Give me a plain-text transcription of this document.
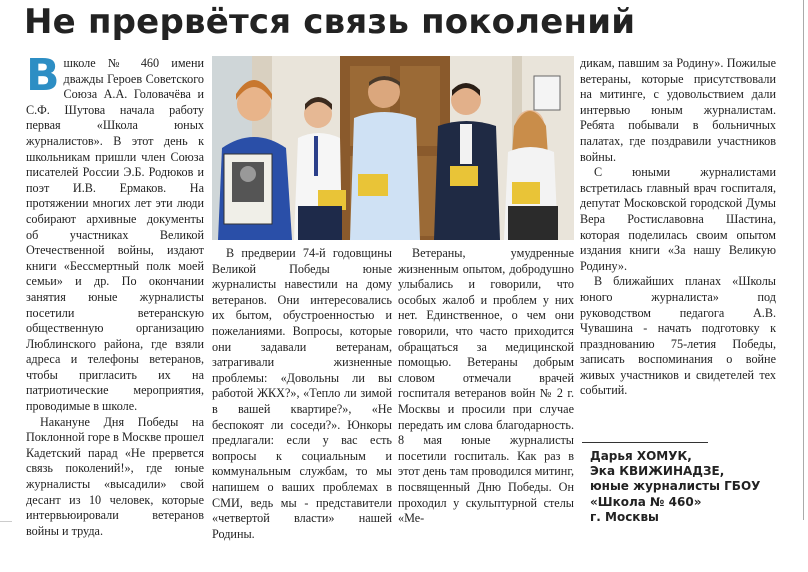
Не прервётся связь поколений

Вшколе № 460 имени дважды Героев Советского Союза А.А. Головачёва и С.Ф. Шутова начала работу первая «Школа юных журналистов». В этот день к школьникам пришли член Союза писателей России Э.Б. Родюков и поэт И.В. Ермаков. На протяжении многих лет эти люди собирают архивные документы об участниках Великой Отечественной войны, издают книги «Бессмертный полк моей семьи» и др. По окончании занятия юные журналисты посетили ветеранскую общественную организацию Люблинского района, где взяли адреса и телефоны ветеранов, чтобы пригласить их на патриотические мероприятия, проводимые в школе.

Накануне Дня Победы на Поклонной горе в Москве прошел Кадетский парад «Не прервется связь поколений!», где юные журналисты «высадили» свой десант из 10 человек, которые интервьюировали ветеранов войны и труда.

В предверии 74-й годовщины Великой Победы юные журналисты навестили на дому ветеранов. Они интересовались их бытом, обустроенностью и пожеланиями. Вопросы, которые они задавали ветеранам, затрагивали жизненные проблемы: «Довольны ли вы работой ЖКХ?», «Тепло ли зимой в вашей квартире?», «Не беспокоят ли соседи?». Юнкоры предлагали: если у вас есть вопросы к социальным и коммунальным службам, то мы напишем о ваших проблемах в СМИ, ведь мы - представители «четвертой власти» нашей Родины.

Ветераны, умудренные жизненным опытом, добродушно улыбались и говорили, что особых жалоб и проблем у них нет. Единственное, о чем они говорили, что часто приходится обращаться за медицинской помощью. Ветераны добрым словом отмечали врачей госпиталя ветеранов войн № 2 г. Москвы и просили при случае передать им слова благодарность. 8 мая юные журналисты посетили госпиталь. Как раз в этот день там проводился митинг, посвященный Дню Победы. Он проходил у скульптурной стелы «Ме-

дикам, павшим за Родину». Пожилые ветераны, которые присутствовали на митинге, с удовольствием дали интервью юным журналистам. Ребята побывали в больничных палатах, где поздравили участников войны.

С юными журналистами встретилась главный врач госпиталя, депутат Московской городской Думы Вера Ростиславовна Шастина, которая поделилась своим опытом издания книги «За нашу Великую Родину».

В ближайших планах «Школы юного журналиста» под руководством педагога А.В. Чувашина - начать подготовку к празднованию 75-летия Победы, записать воспоминания о войне живых участников и свидетелей тех событий.

Дарья ХОМУК,
Эка КВИЖИНАДЗЕ,
юные журналисты ГБОУ
«Школа № 460»
г. Москвы
